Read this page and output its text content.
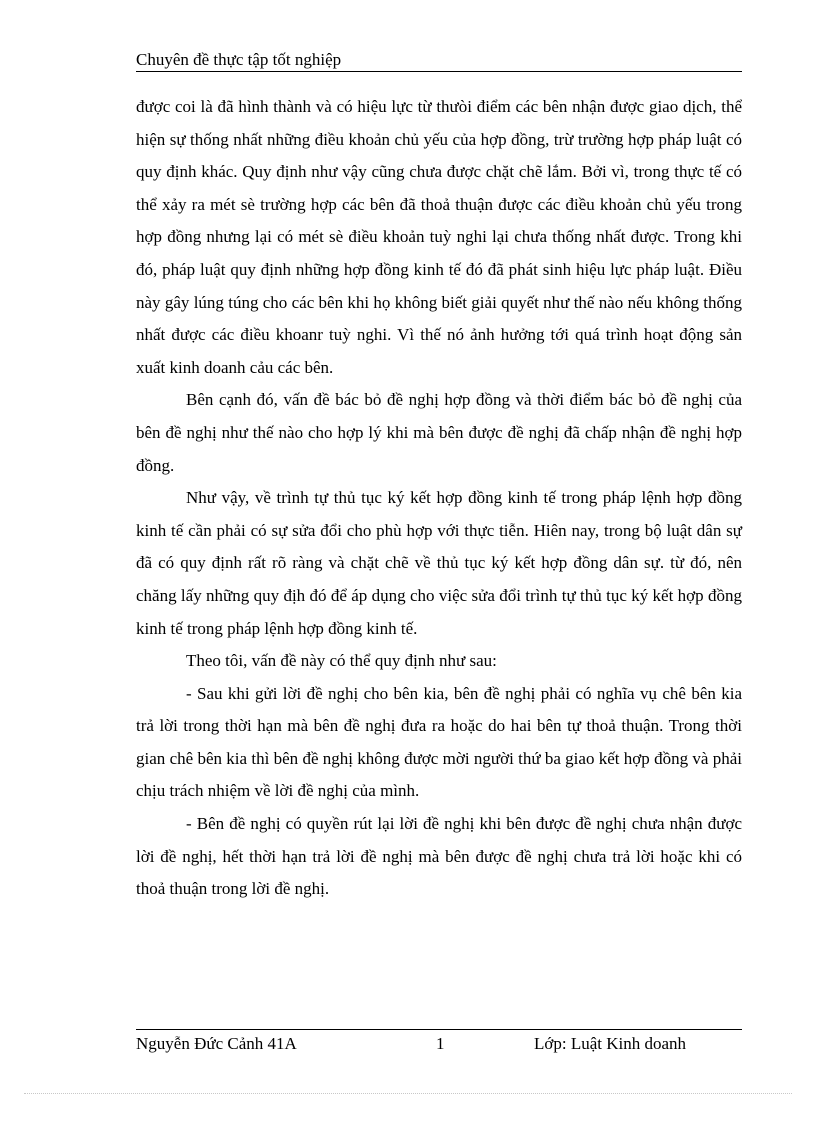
Chuyên đề thực tập tốt nghiệp

được coi là đã hình thành và có hiệu lực từ thưòi điểm các bên nhận được giao dịch, thể hiện sự thống nhất những điều khoản chủ yếu của hợp đồng, trừ trường hợp pháp luật có quy định khác. Quy định như vậy cũng chưa được chặt chẽ lắm. Bởi vì, trong thực tế có thể xảy ra mét sè trường hợp các bên đã thoả thuận được các điều khoản chủ yếu trong hợp đồng nhưng lại có mét sè điều khoản tuỳ nghi lại chưa thống nhất được. Trong khi đó, pháp luật quy định những hợp đồng kinh tế đó đã phát sinh hiệu lực pháp luật. Điều này gây lúng túng cho các bên khi họ không biết giải quyết như thế nào nếu không thống nhất được các điều khoanr tuỳ nghi. Vì thế nó ảnh hưởng tới quá trình hoạt động sản xuất kinh doanh cảu các bên.

Bên cạnh đó, vấn đề bác bỏ đề nghị hợp đồng và thời điểm bác bỏ đề nghị của bên đề nghị như thế nào cho hợp lý khi mà bên được đề nghị đã chấp nhận đề nghị hợp đồng.

Như vậy, về trình tự thủ tục ký kết hợp đồng kinh tế trong pháp lệnh hợp đồng kinh tế cần phải có sự sửa đổi cho phù hợp với thực tiễn. Hiên nay, trong bộ luật dân sự đã có quy định rất rõ ràng và chặt chẽ về thủ tục ký kết hợp đồng dân sự. từ đó, nên chăng lấy những quy địh đó để áp dụng cho việc sửa đổi trình tự thủ tục ký kết hợp đồng kinh tế trong pháp lệnh hợp đồng kinh tế.

Theo tôi, vấn đề này có thể quy định như sau:

- Sau khi gửi lời đề nghị cho bên kia, bên đề nghị phải có nghĩa vụ chê bên kia trả lời trong thời hạn mà bên đề nghị đưa ra hoặc do hai bên tự thoả thuận. Trong thời gian chê bên kia thì bên đề nghị không được mời người thứ ba giao kết hợp đồng và phải chịu trách nhiệm về lời đề nghị của mình.

- Bên đề nghị có quyền rút lại lời đề nghị khi bên được đề nghị chưa nhận được lời đề nghị, hết thời hạn trả lời đề nghị mà bên được đề nghị chưa trả lời hoặc khi có thoả thuận trong lời đề nghị.

Nguyễn Đức Cảnh 41A	1	Lớp: Luật Kinh doanh
